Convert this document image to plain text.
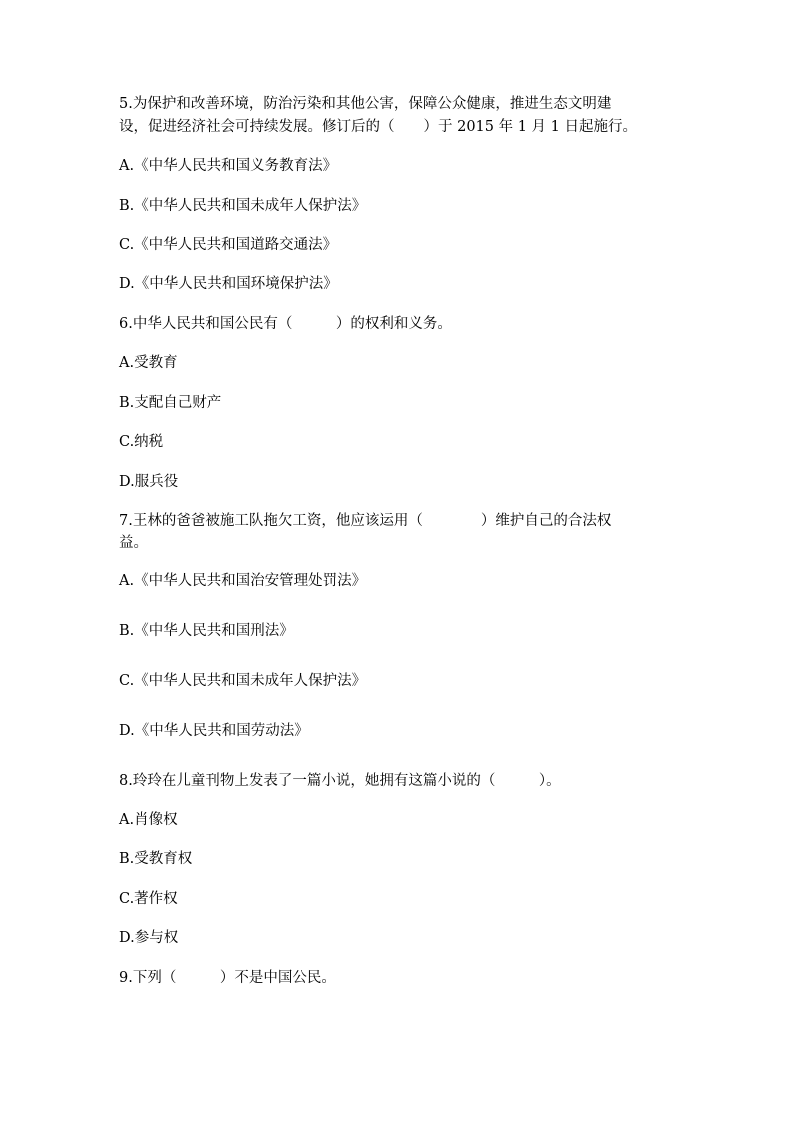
5.为保护和改善环境，防治污染和其他公害，保障公众健康，推进生态文明建

设，促进经济社会可持续发展。修订后的（　　）于 2015 年 1 月 1 日起施行。

A.《中华人民共和国义务教育法》

B.《中华人民共和国未成年人保护法》

C.《中华人民共和国道路交通法》

D.《中华人民共和国环境保护法》

6.中华人民共和国公民有（　　　）的权利和义务。

A.受教育

B.支配自己财产

C.纳税

D.服兵役

7.王林的爸爸被施工队拖欠工资，他应该运用（　　　　）维护自己的合法权

益。

A.《中华人民共和国治安管理处罚法》

B.《中华人民共和国刑法》

C.《中华人民共和国未成年人保护法》

D.《中华人民共和国劳动法》

8.玲玲在儿童刊物上发表了一篇小说，她拥有这篇小说的（　　　）。

A.肖像权

B.受教育权

C.著作权

D.参与权

9.下列（　　　）不是中国公民。
